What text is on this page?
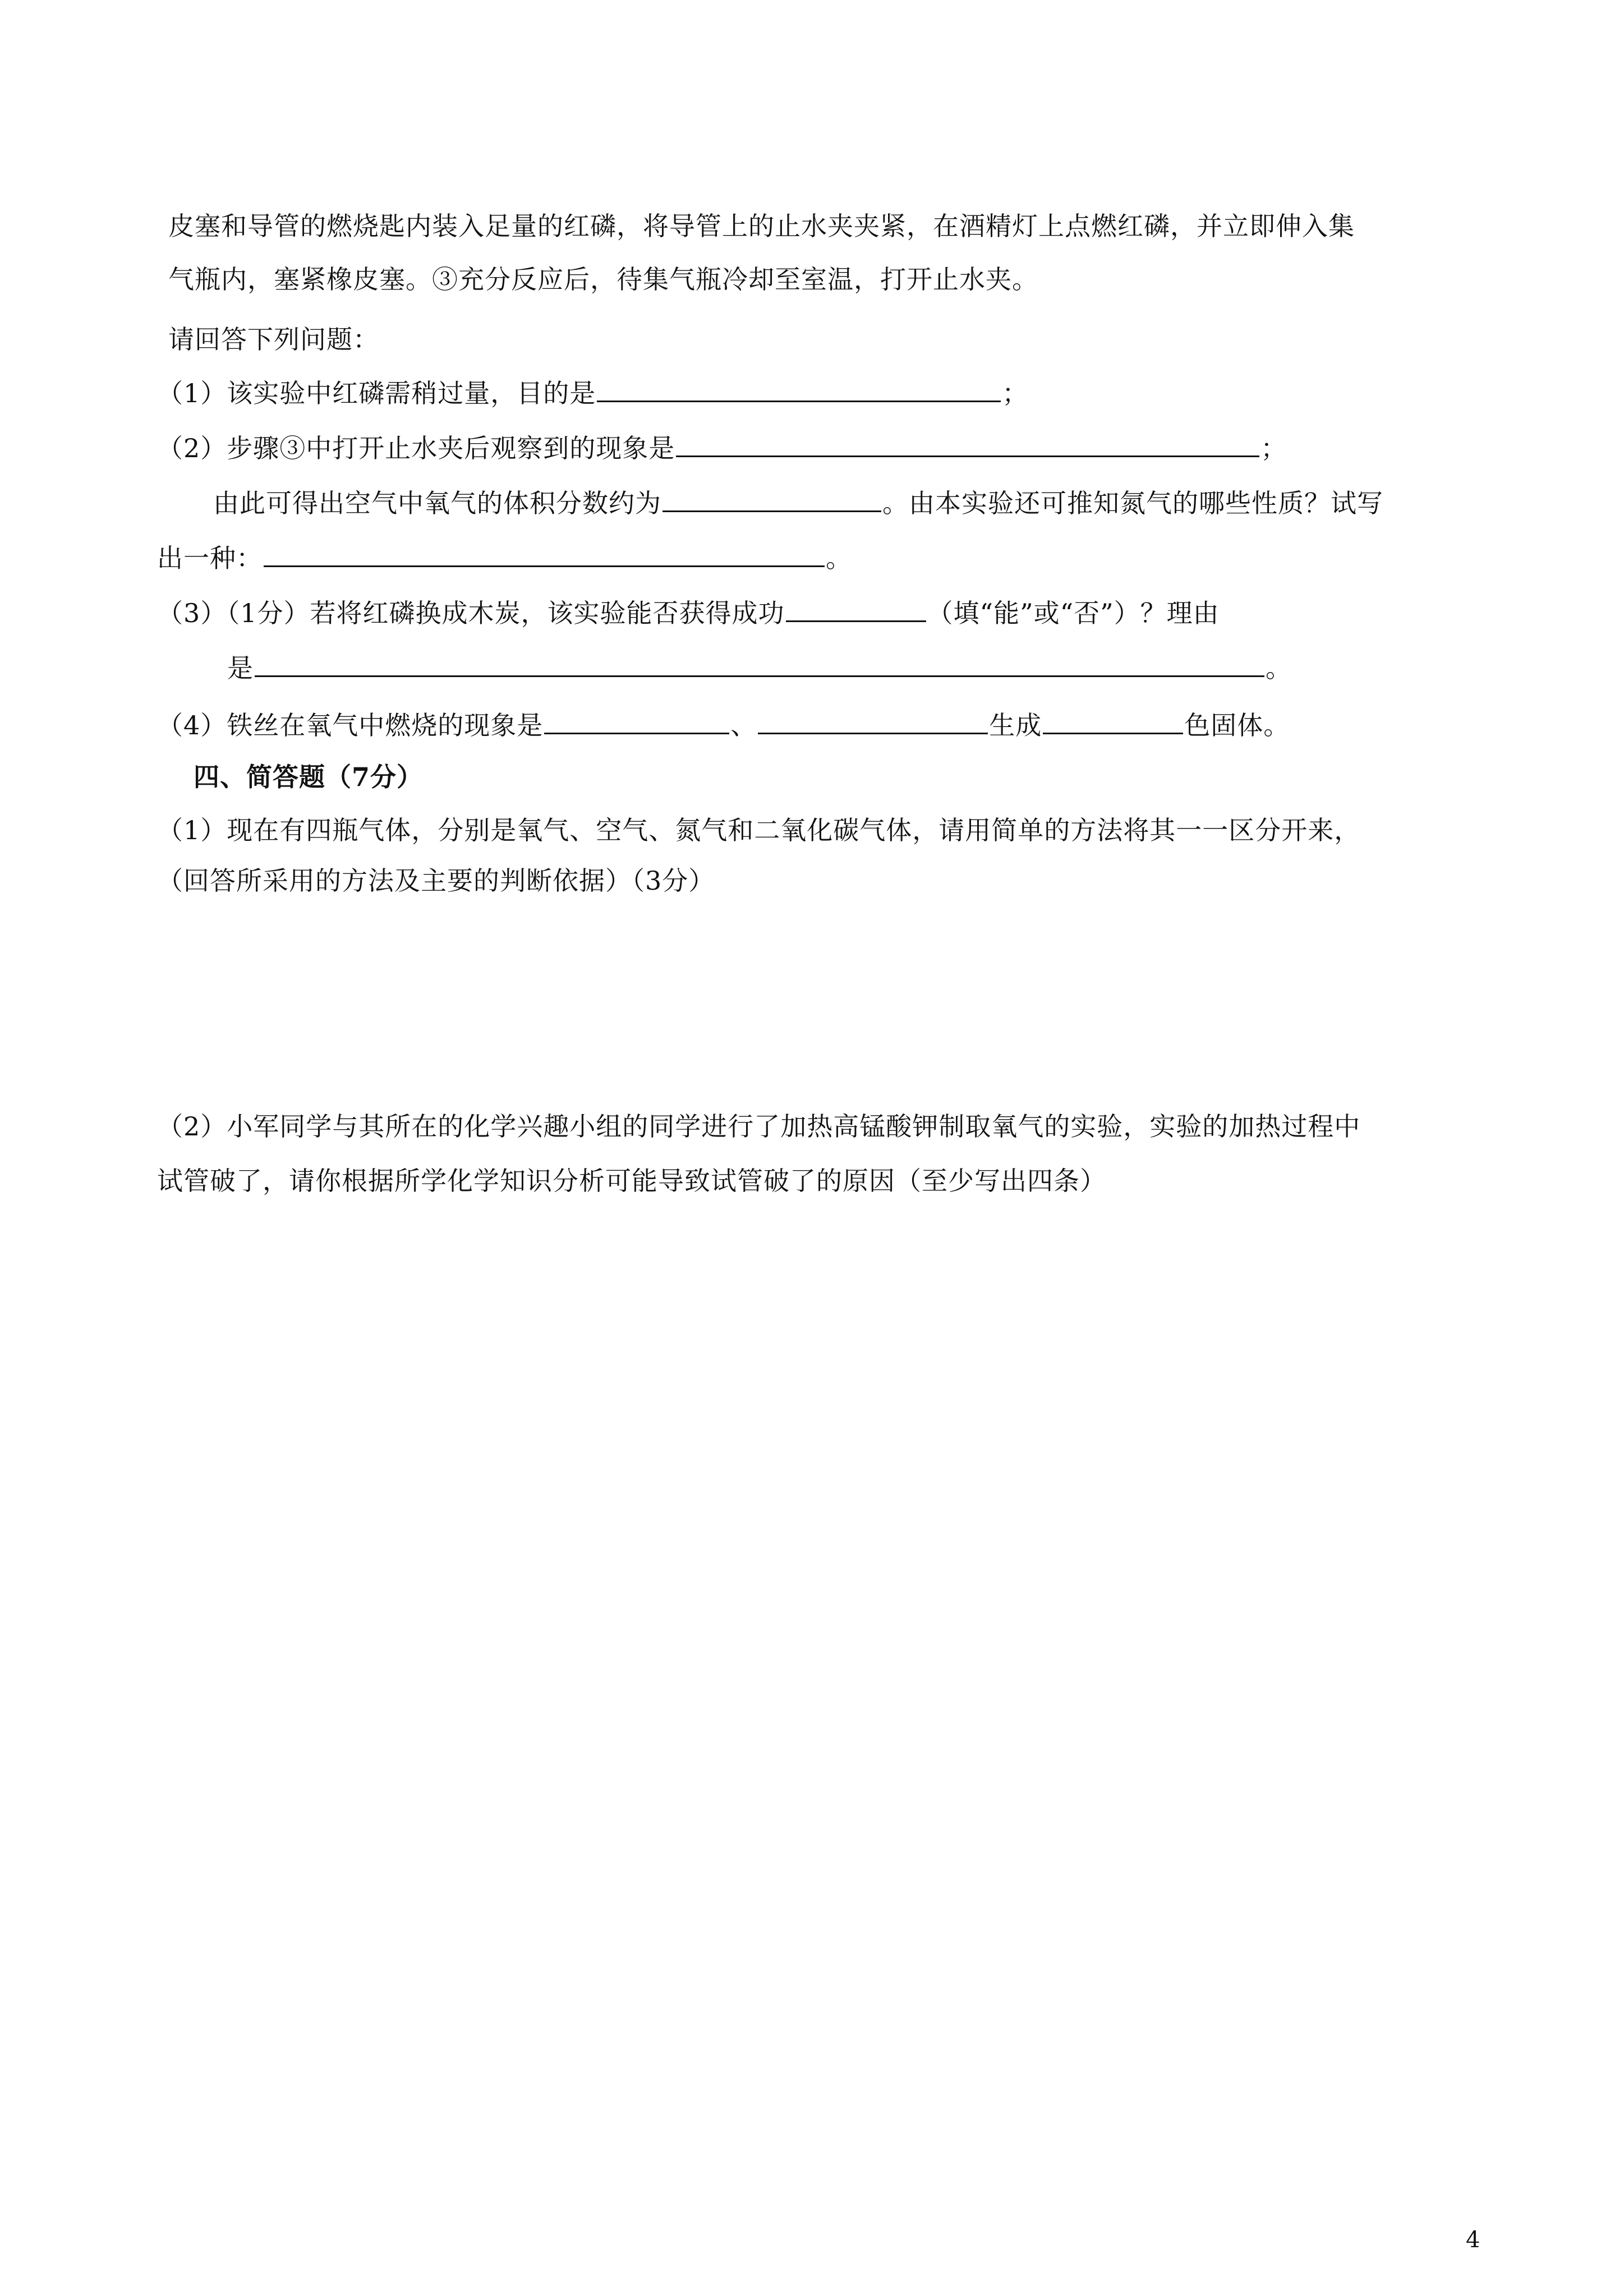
皮塞和导管的燃烧匙内装入足量的红磷，将导管上的止水夹夹紧，在酒精灯上点燃红磷，并立即伸入集
气瓶内，塞紧橡皮塞。③充分反应后，待集气瓶冷却至室温，打开止水夹。
请回答下列问题：
（1）该实验中红磷需稍过量，目的是	；
（2）步骤③中打开止水夹后观察到的现象是	；
由此可得出空气中氧气的体积分数约为	。由本实验还可推知氮气的哪些性质？试写
出一种：	。
（3）（1分）若将红磷换成木炭，该实验能否获得成功	（填“能”或“否”）？理由
是	。
（4）铁丝在氧气中燃烧的现象是	、	生成	色固体。
四、简答题（7分）
（1）现在有四瓶气体，分别是氧气、空气、氮气和二氧化碳气体，请用简单的方法将其一一区分开来，
（回答所采用的方法及主要的判断依据）（3分）
（2）小军同学与其所在的化学兴趣小组的同学进行了加热高锰酸钾制取氧气的实验，实验的加热过程中
试管破了，请你根据所学化学知识分析可能导致试管破了的原因（至少写出四条）
4
